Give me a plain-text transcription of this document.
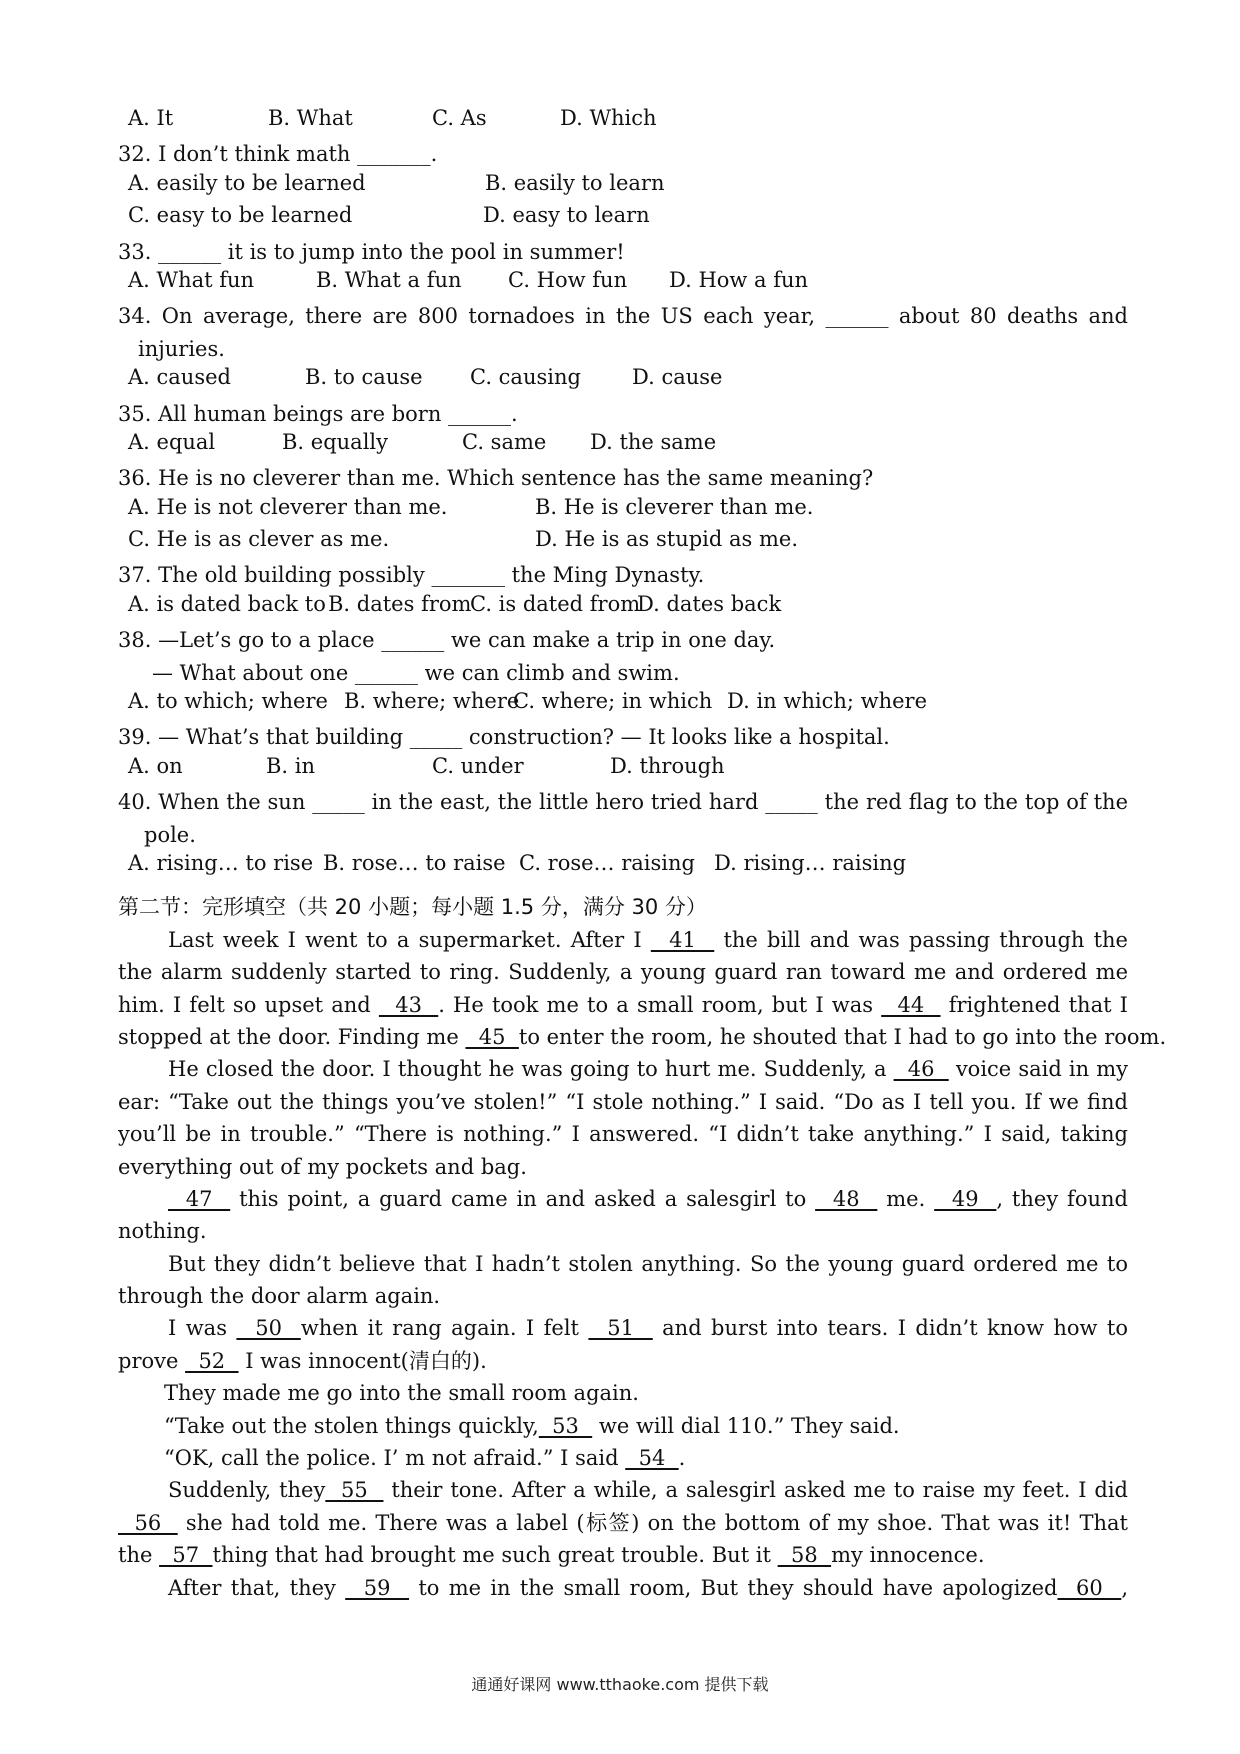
A. It	B. What	C. As	D. Which
32. I don’t think math _______.
A. easily to be learned	B. easily to learn
C. easy to be learned	D. easy to learn
33. ______ it is to jump into the pool in summer!
A. What fun	B. What a fun C. How fun D. How a fun
34. On average, there are 800 tornadoes in the US each year, ______ about 80 deaths and
injuries.
A. caused	B. to cause C. causing D. cause
35. All human beings are born ______.
A. equal	B. equally	C. same D. the same
36. He is no cleverer than me. Which sentence has the same meaning?
A. He is not cleverer than me.	B. He is cleverer than me.
C. He is as clever as me.	D. He is as stupid as me.
37. The old building possibly _______ the Ming Dynasty.
A. is dated back to B. dates from
C. is dated from
D. dates back
38. —Let’s go to a place ______ we can make a trip in one day.
— What about one ______ we can climb and swim.
A. to which; where B. where; where
C. where; in which D. in which; where
39. — What’s that building _____ construction? — It looks like a hospital.
A. on	B. in	C. under	D. through
40. When the sun _____ in the east, the little hero tried hard _____ the red flag to the top of the
pole.
A. rising… to rise B. rose… to raise C. rose… raising D. rising… raising
第二节：完形填空（共 20 小题；每小题 1.5 分，满分 30 分）
Last week I went to a supermarket. After I   41   the bill and was passing through the
the alarm suddenly started to ring. Suddenly, a young guard ran toward me and ordered me
him. I felt so upset and   43  . He took me to a small room, but I was   44   frightened that I
stopped at the door. Finding me   45  to enter the room, he shouted that I had to go into the room.
He closed the door. I thought he was going to hurt me. Suddenly, a   46   voice said in my
ear: “Take out the things you’ve stolen!” “I stole nothing.” I said. “Do as I tell you. If we find
you’ll be in trouble.” “There is nothing.” I answered. “I didn’t take anything.” I said, taking
everything out of my pockets and bag.
47   this point, a guard came in and asked a salesgirl to   48   me.   49  , they found
nothing.
But they didn’t believe that I hadn’t stolen anything. So the young guard ordered me to
through the door alarm again.
I was   50  when it rang again. I felt   51   and burst into tears. I didn’t know how to
prove   52   I was innocent(清白的).
They made me go into the small room again.
“Take out the stolen things quickly,  53   we will dial 110.” They said.
“OK, call the police. I’ m not afraid.” I said   54  .
Suddenly, they  55   their tone. After a while, a salesgirl asked me to raise my feet. I did
56   she had told me. There was a label (标签) on the bottom of my shoe. That was it! That
the   57  thing that had brought me such great trouble. But it   58  my innocence.
After that, they   59   to me in the small room, But they should have apologized  60  ,
通通好课网 www.tthaoke.com 提供下载
